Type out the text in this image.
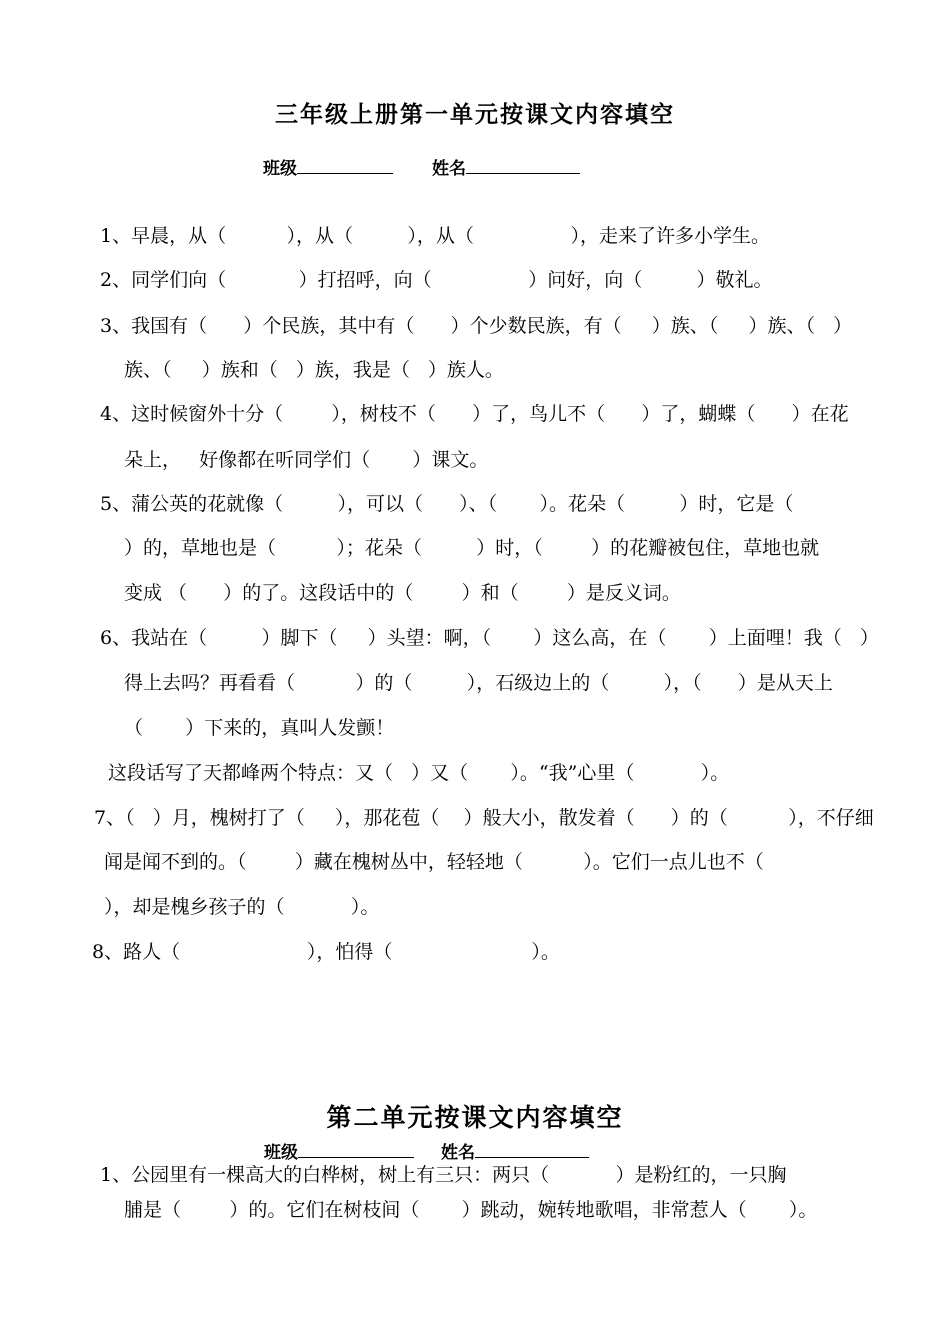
三年级上册第一单元按课文内容填空
班级	姓名
1、早晨，从（          ），从（         ），从（                ），走来了许多小学生。
2、同学们向（            ）打招呼，向（                ）问好，向（         ）敬礼。
3、我国有（      ）个民族，其中有（      ）个少数民族，有（     ）族、（     ）族、（   ）
族、（     ）族和（   ）族，我是（   ）族人。
4、这时候窗外十分（        ），树枝不（      ）了，鸟儿不（      ）了，蝴蝶（      ）在花
朵上，   好像都在听同学们（       ）课文。
5、蒲公英的花就像（         ），可以（      ）、（       ）。花朵（         ）时，它是（
）的，草地也是（          ）；花朵（         ）时，（        ）的花瓣被包住，草地也就
变成 （      ）的了。这段话中的（        ）和（        ）是反义词。
6、我站在（         ）脚下（     ）头望：啊，（       ）这么高，在（       ）上面哩！我（   ）
得上去吗？再看看（          ）的（         ），石级边上的（         ），（      ）是从天上
（       ）下来的，真叫人发颤！
这段话写了天都峰两个特点：又（   ）又（       ）。“我”心里（           ）。
7、（   ）月，槐树打了（     ），那花苞（    ）般大小，散发着（      ）的（          ），不仔细
闻是闻不到的。（        ）藏在槐树丛中，轻轻地（          ）。它们一点儿也不（
），却是槐乡孩子的（           ）。
8、路人（                     ），怕得（                       ）。
第二单元按课文内容填空
班级	姓名
1、公园里有一棵高大的白桦树，树上有三只：两只（           ）是粉红的，一只胸
脯是（        ）的。它们在树枝间（       ）跳动，婉转地歌唱，非常惹人（       ）。
